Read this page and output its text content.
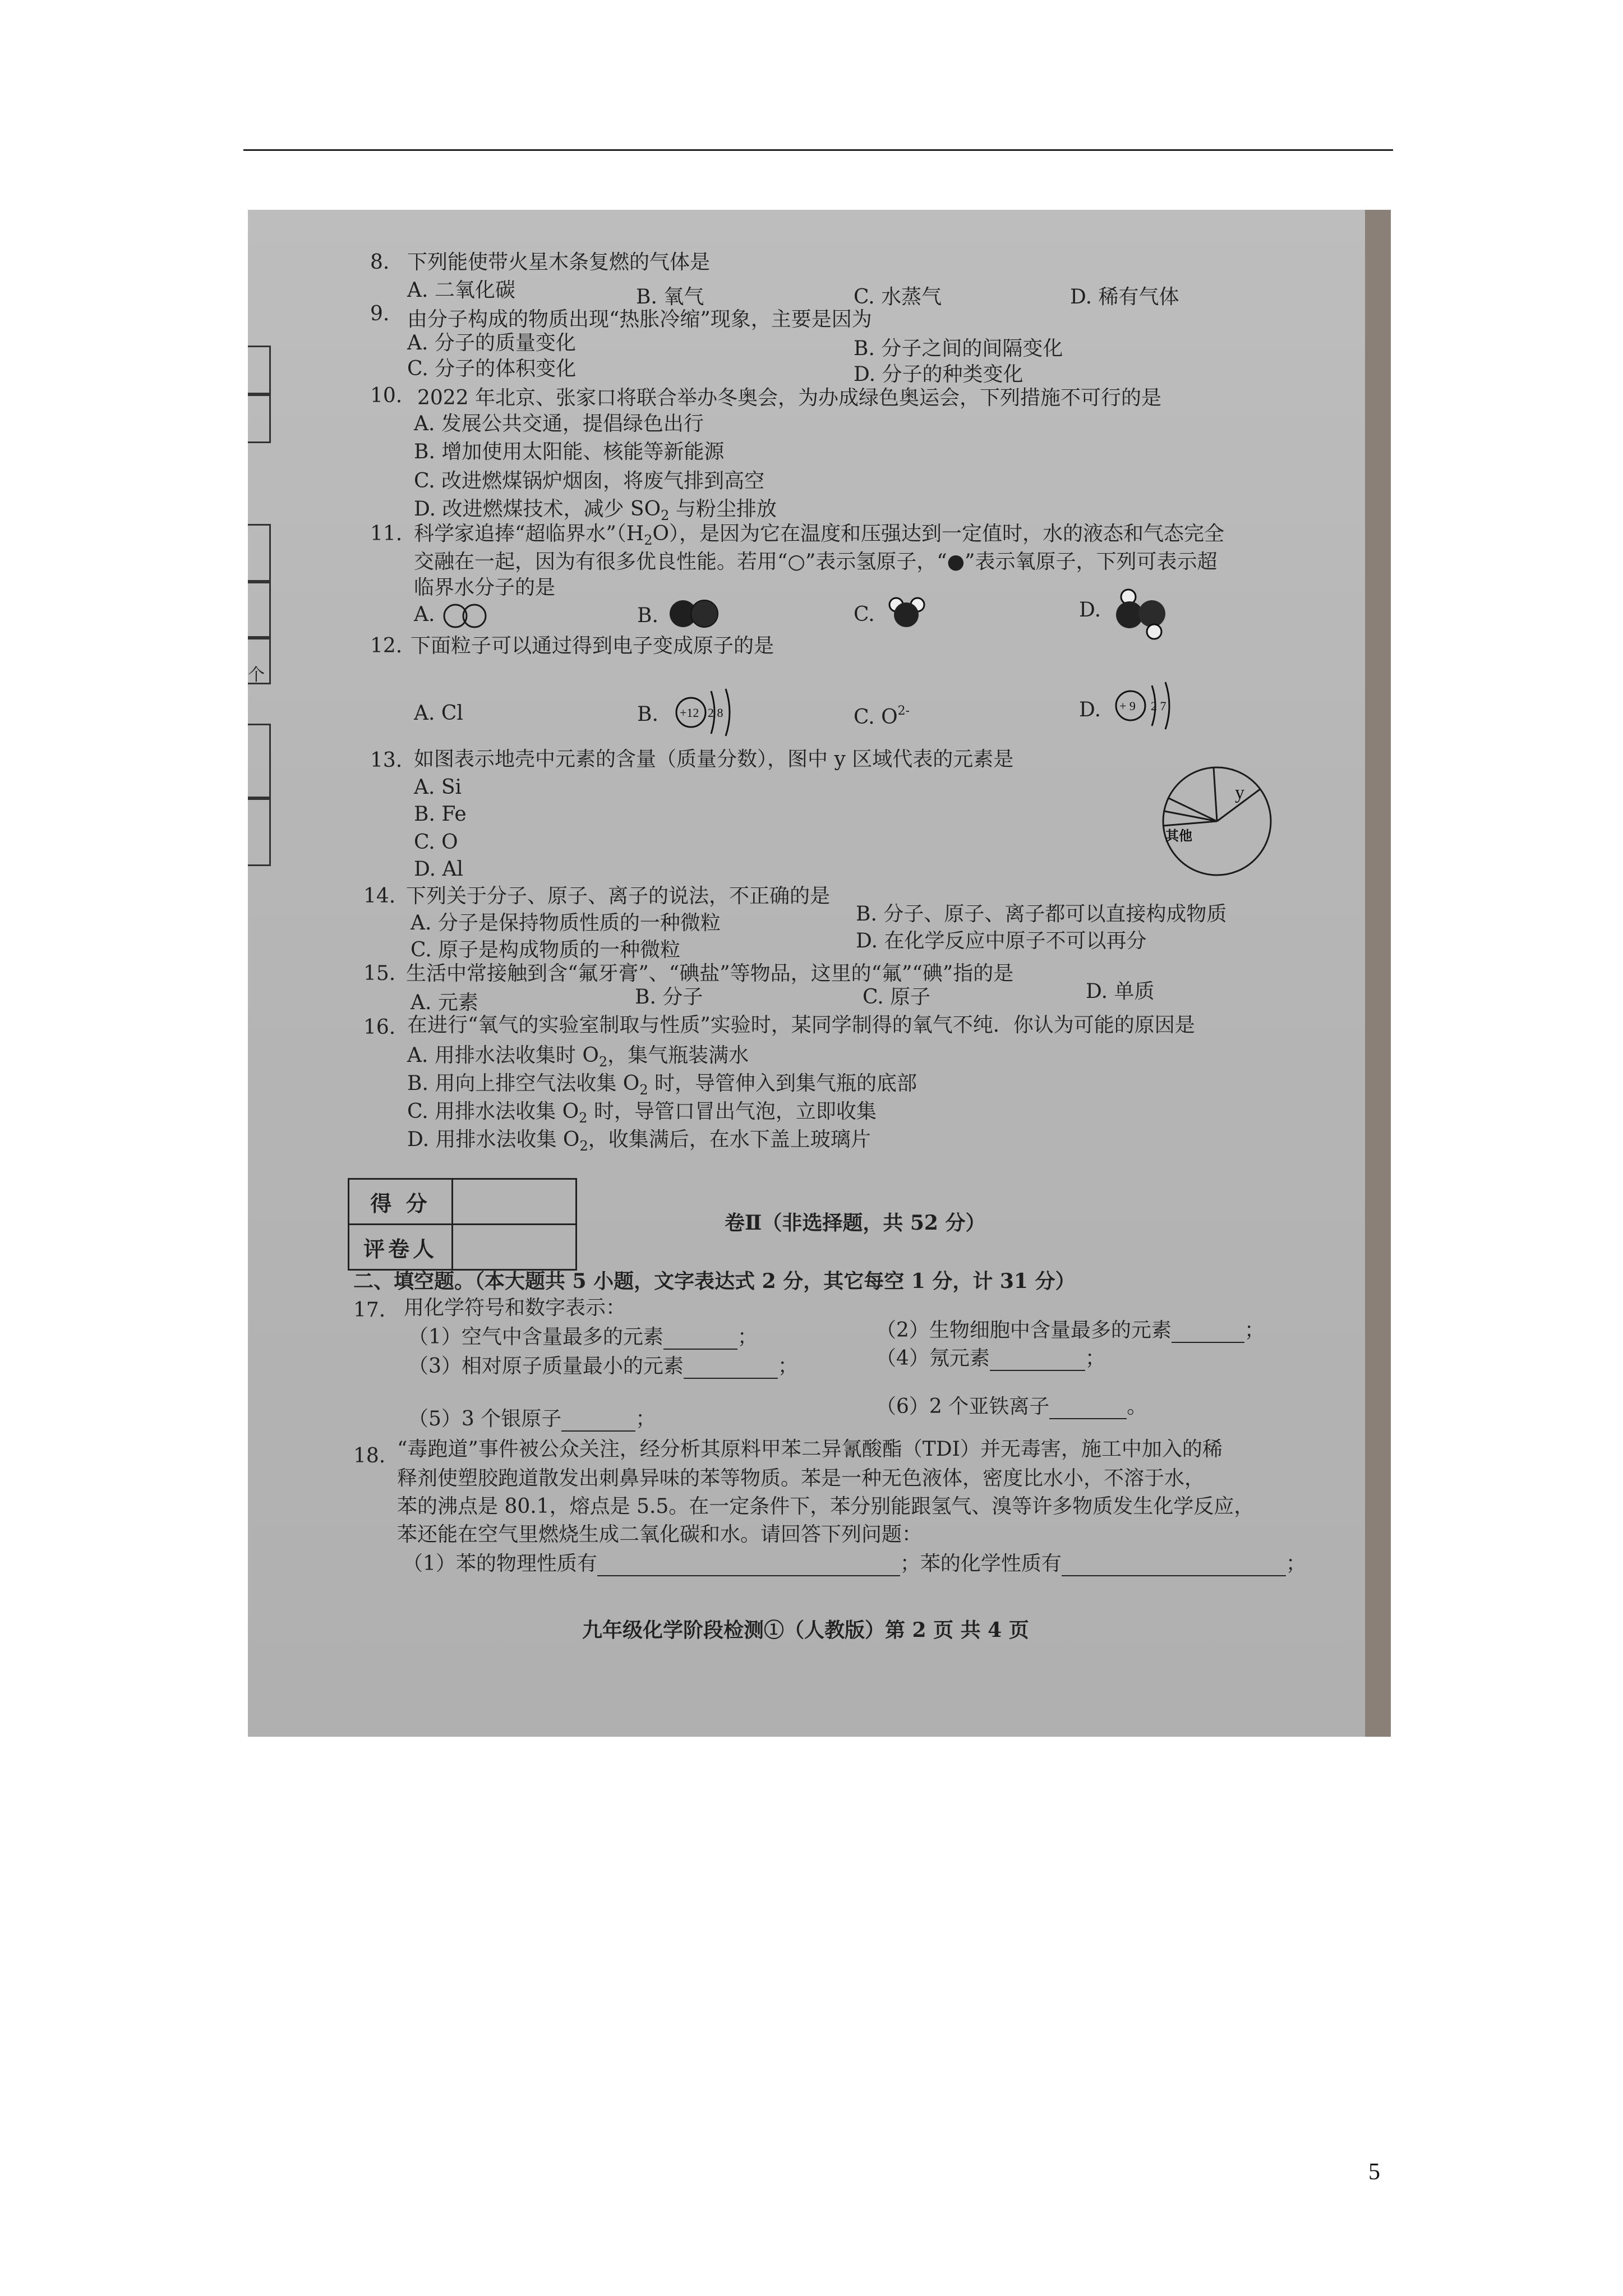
个
8. 下列能使带火星木条复燃的气体是
A. 二氧化碳	B. 氧气	C. 水蒸气	D. 稀有气体
9. 由分子构成的物质出现“热胀冷缩”现象，主要是因为
A. 分子的质量变化	B. 分子之间的间隔变化
C. 分子的体积变化	D. 分子的种类变化
10. 2022 年北京、张家口将联合举办冬奥会，为办成绿色奥运会，下列措施不可行的是
A. 发展公共交通，提倡绿色出行
B. 增加使用太阳能、核能等新能源
C. 改进燃煤锅炉烟囱，将废气排到高空
D. 改进燃煤技术，减少 $SO_2$ 与粉尘排放
11. 科学家追捧“超临界水$”(H_2O)$，是因为它在温度和压强达到一定值时，水的液态和气态完全
交融在一起，因为有很多优良性能。若用“○”表示氢原子，“●”表示氧原子，下列可表示超
临界水分子的是
A.	B.	C.	D.
12. 下面粒子可以通过得到电子变成原子的是
A. Cl	B. +12 2 8	C. $O^{2-}$	D. + 9 2 7
13. 如图表示地壳中元素的含量（质量分数），图中 y 区域代表的元素是
A. Si
B. Fe
C. O
D. Al
y
其他
14. 下列关于分子、原子、离子的说法，不正确的是
A. 分子是保持物质性质的一种微粒	B. 分子、原子、离子都可以直接构成物质
C. 原子是构成物质的一种微粒	D. 在化学反应中原子不可以再分
15. 生活中常接触到含“氟牙膏”、“碘盐”等物品，这里的“氟”“碘”指的是
A. 元素	B. 分子	C. 原子	D. 单质
16. 在进行“氧气的实验室制取与性质”实验时，某同学制得的氧气不纯．你认为可能的原因是
A. 用排水法收集时 $O_2$，集气瓶装满水
B. 用向上排空气法收集 $O_2$ 时，导管伸入到集气瓶的底部
C. 用排水法收集 $O_2$ 时，导管口冒出气泡，立即收集
D. 用排水法收集 $O_2$，收集满后，在水下盖上玻璃片
得 分	
评卷人	
卷Ⅱ（非选择题，共 52 分）
二、填空题。（本大题共 5 小题，文字表达式 2 分，其它每空 1 分，计 31 分）
17. 用化学符号和数字表示：
（1）空气中含量最多的元素	；	（2）生物细胞中含量最多的元素	；
（3）相对原子质量最小的元素	；	（4）氖元素	；
（5）3 个银原子	；
（6）2 个亚铁离子	。
18. “毒跑道”事件被公众关注，经分析其原料甲苯二异氰酸酯（TDI）并无毒害，施工中加入的稀
释剂使塑胶跑道散发出刺鼻异味的苯等物质。苯是一种无色液体，密度比水小，不溶于水，
苯的沸点是 80.1，熔点是 5.5。在一定条件下，苯分别能跟氢气、溴等许多物质发生化学反应，
苯还能在空气里燃烧生成二氧化碳和水。请回答下列问题：
（1）苯的物理性质有	；苯的化学性质有	；
九年级化学阶段检测①（人教版）第 2 页 共 4 页
5
